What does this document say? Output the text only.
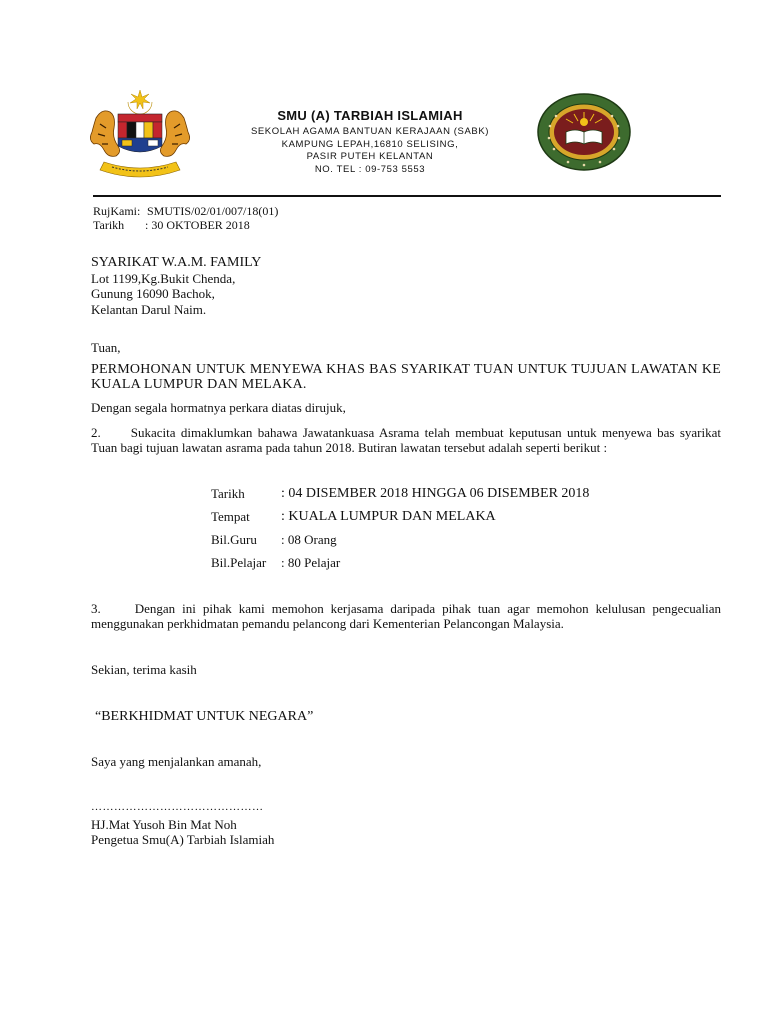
SMU (A) TARBIAH ISLAMIAH
SEKOLAH AGAMA BANTUAN KERAJAAN (SABK)
KAMPUNG LEPAH,16810 SELISING,
PASIR PUTEH KELANTAN
NO. TEL : 09-753 5553
RujKami: SMUTIS/02/01/007/18(01)
Tarikh : 30 OKTOBER 2018
SYARIKAT W.A.M. FAMILY
Lot 1199,Kg.Bukit Chenda,
Gunung 16090 Bachok,
Kelantan Darul Naim.
Tuan,
PERMOHONAN UNTUK MENYEWA KHAS BAS SYARIKAT TUAN UNTUK TUJUAN LAWATAN KE KUALA LUMPUR DAN MELAKA.
Dengan segala hormatnya perkara diatas dirujuk,
2. Sukacita dimaklumkan bahawa Jawatankuasa Asrama telah membuat keputusan untuk menyewa bas syarikat Tuan bagi tujuan lawatan asrama pada tahun 2018. Butiran lawatan tersebut adalah seperti berikut :
Tarikh	: 04 DISEMBER 2018 HINGGA 06 DISEMBER 2018
Tempat : KUALA LUMPUR DAN MELAKA
Bil.Guru : 08 Orang
Bil.Pelajar : 80 Pelajar
3.	Dengan ini pihak kami memohon kerjasama daripada pihak tuan agar memohon kelulusan pengecualian menggunakan perkhidmatan pemandu pelancong dari Kementerian Pelancongan Malaysia.
Sekian, terima kasih
“BERKHIDMAT UNTUK NEGARA”
Saya yang menjalankan amanah,
………………………………………
HJ.Mat Yusoh Bin Mat Noh
Pengetua Smu(A) Tarbiah Islamiah
